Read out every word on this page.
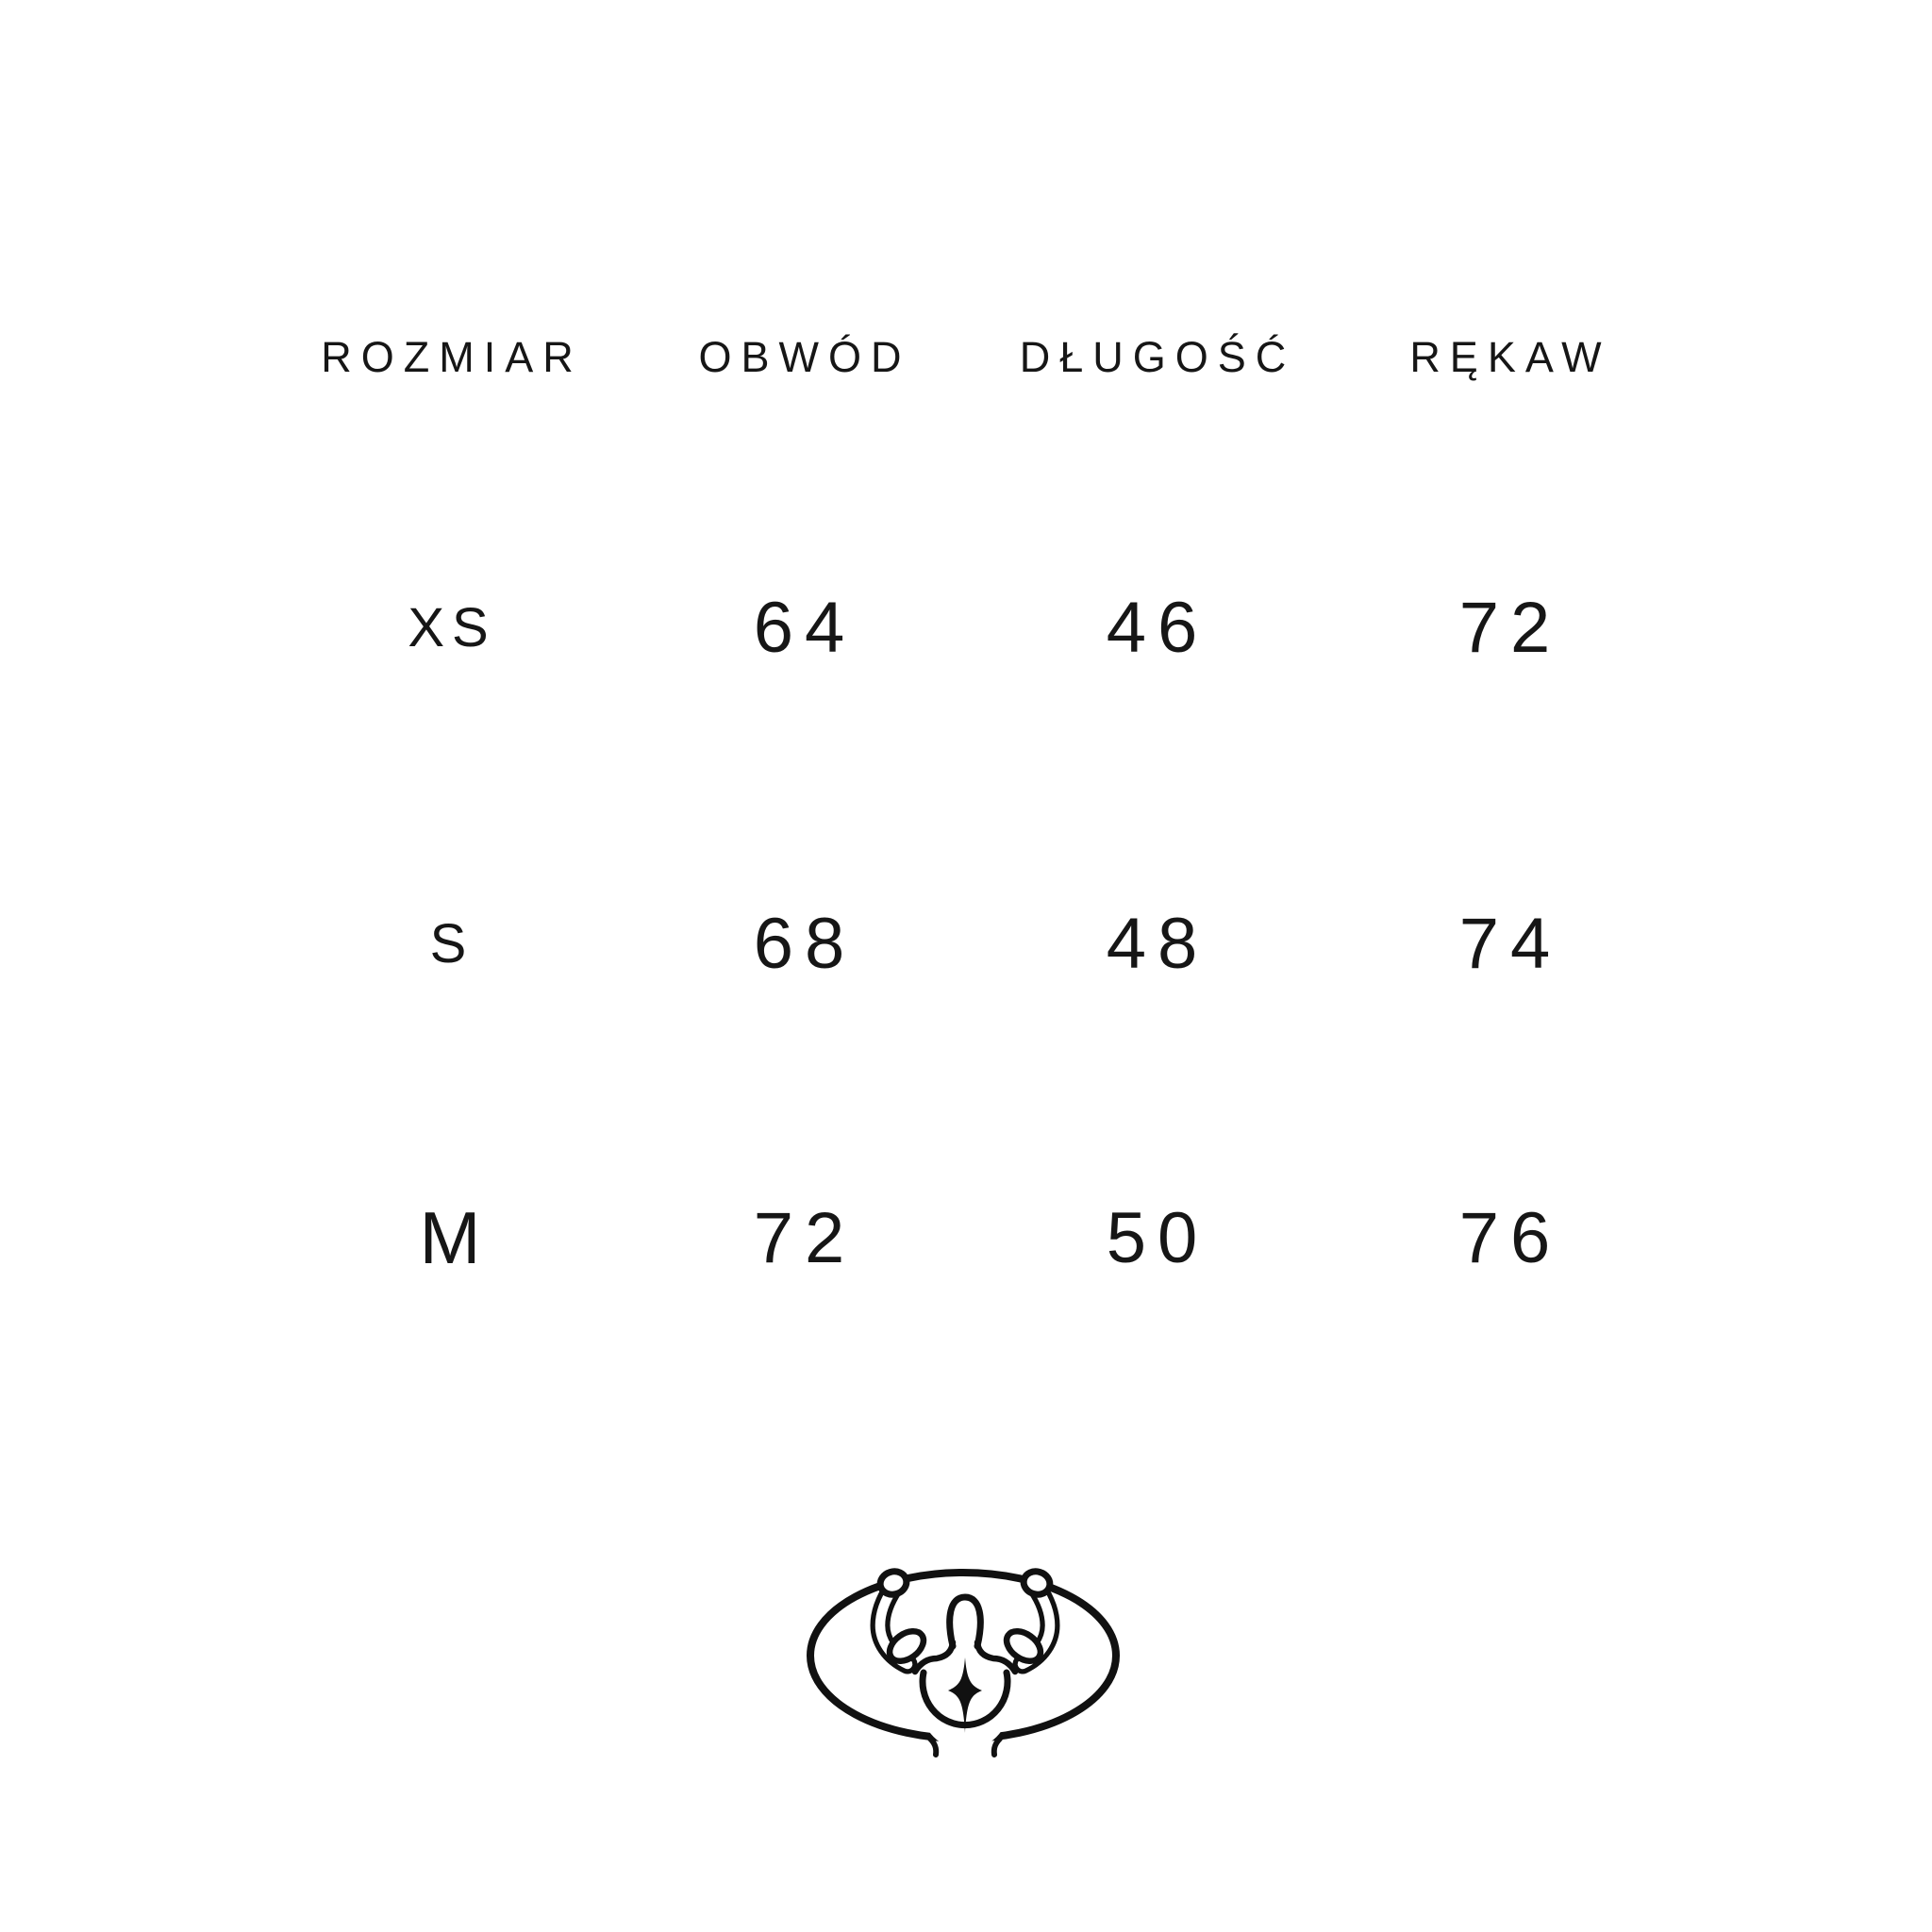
ROZMIAR	OBWÓD	DŁUGOŚĆ	RĘKAW
XS	64	46	72
S	68	48	74
M	72	50	76
